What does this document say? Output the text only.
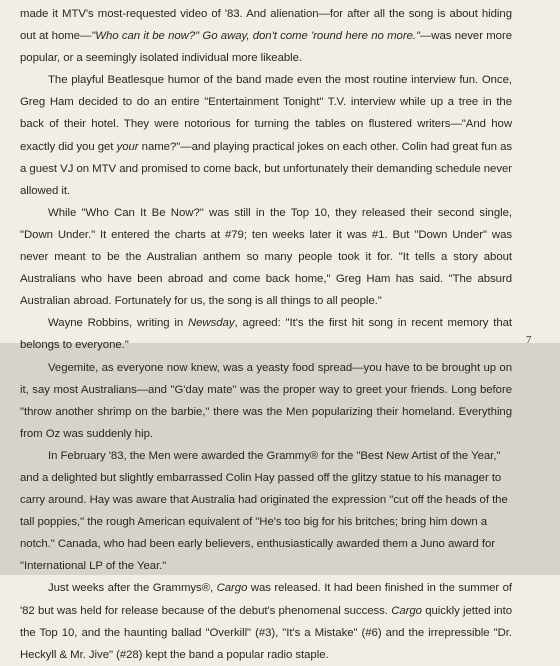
made it MTV's most-requested video of '83. And alienation—for after all the song is about hiding out at home—"Who can it be now?" Go away, don't come 'round here no more."—was never more popular, or a seemingly isolated individual more likeable.

The playful Beatlesque humor of the band made even the most routine interview fun. Once, Greg Ham decided to do an entire "Entertainment Tonight" T.V. interview while up a tree in the back of their hotel. They were notorious for turning the tables on flustered writers—"And how exactly did you get your name?"—and playing practical jokes on each other. Colin had great fun as a guest VJ on MTV and promised to come back, but unfortunately their demanding schedule never allowed it.

While "Who Can It Be Now?" was still in the Top 10, they released their second single, "Down Under." It entered the charts at #79; ten weeks later it was #1. But "Down Under" was never meant to be the Australian anthem so many people took it for. "It tells a story about Australians who have been abroad and come back home," Greg Ham has said. "The absurd Australian abroad. Fortunately for us, the song is all things to all people."

Wayne Robbins, writing in Newsday, agreed: "It's the first hit song in recent memory that belongs to everyone."

Vegemite, as everyone now knew, was a yeasty food spread—you have to be brought up on it, say most Australians—and "G'day mate" was the proper way to greet your friends. Long before "throw another shrimp on the barbie," there was the Men popularizing their homeland. Everything from Oz was suddenly hip.

In February '83, the Men were awarded the Grammy® for the "Best New Artist of the Year," and a delighted but slightly embarrassed Colin Hay passed off the glitzy statue to his manager to carry around. Hay was aware that Australia had originated the expression "cut off the heads of the tall poppies," the rough American equivalent of "He's too big for his britches; bring him down a notch." Canada, who had been early believers, enthusiastically awarded them a Juno award for "International LP of the Year."

Just weeks after the Grammys®, Cargo was released. It had been finished in the summer of '82 but was held for release because of the debut's phenomenal success. Cargo quickly jetted into the Top 10, and the haunting ballad "Overkill" (#3), "It's a Mistake" (#6) and the irrepressible "Dr. Heckyll & Mr. Jive" (#28) kept the band a popular radio staple.

7
